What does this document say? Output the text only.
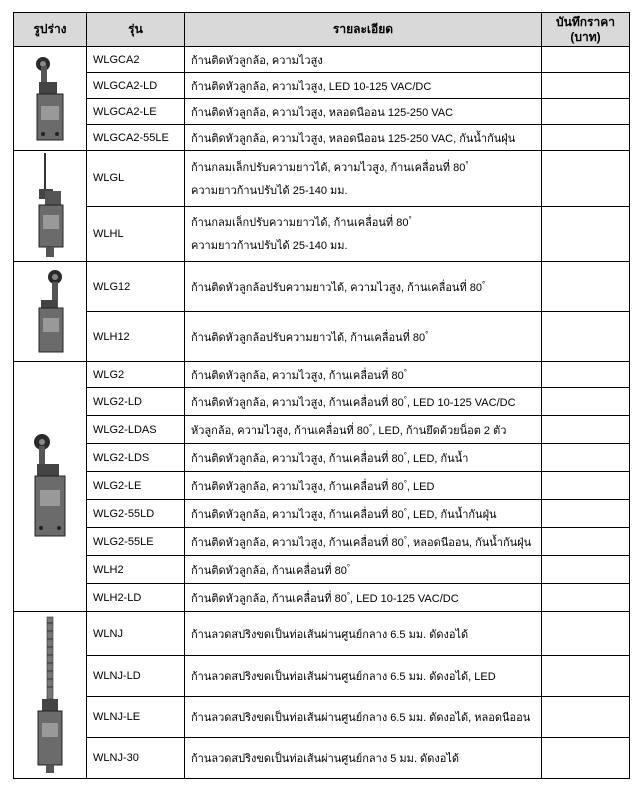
รูปร่าง	รุ่น	รายละเอียด	บันทึกราคา
(บาท)

	WLGCA2	ก้านติดหัวลูกล้อ, ความไวสูง	
	WLGCA2-LD	ก้านติดหัวลูกล้อ, ความไวสูง, LED 10-125 VAC/DC	
	WLGCA2-LE	ก้านติดหัวลูกล้อ, ความไวสูง, หลอดนีออน 125-250 VAC	
	WLGCA2-55LE	ก้านติดหัวลูกล้อ, ความไวสูง, หลอดนีออน 125-250 VAC, กันน้ำกันฝุ่น	

	WLGL	ก้านกลมเล็กปรับความยาวได้, ความไวสูง, ก้านเคลื่อนที่ 80°
ความยาวก้านปรับได้ 25-140 มม.	

	WLHL	ก้านกลมเล็กปรับความยาวได้, ก้านเคลื่อนที่ 80°
ความยาวก้านปรับได้ 25-140 มม.	

	WLG12	ก้านติดหัวลูกล้อปรับความยาวได้, ความไวสูง, ก้านเคลื่อนที่ 80°	
	WLH12	ก้านติดหัวลูกล้อปรับความยาวได้, ก้านเคลื่อนที่ 80°	

	WLG2	ก้านติดหัวลูกล้อ, ความไวสูง, ก้านเคลื่อนที่ 80°	
	WLG2-LD	ก้านติดหัวลูกล้อ, ความไวสูง, ก้านเคลื่อนที่ 80°, LED 10-125 VAC/DC	
	WLG2-LDAS	หัวลูกล้อ, ความไวสูง, ก้านเคลื่อนที่ 80°, LED, ก้านยึดด้วยน็อต 2 ตัว	
	WLG2-LDS	ก้านติดหัวลูกล้อ, ความไวสูง, ก้านเคลื่อนที่ 80°, LED, กันน้ำ	
	WLG2-LE	ก้านติดหัวลูกล้อ, ความไวสูง, ก้านเคลื่อนที่ 80°, LED	
	WLG2-55LD	ก้านติดหัวลูกล้อ, ความไวสูง, ก้านเคลื่อนที่ 80°, LED, กันน้ำกันฝุ่น	
	WLG2-55LE	ก้านติดหัวลูกล้อ, ความไวสูง, ก้านเคลื่อนที่ 80°, หลอดนีออน, กันน้ำกันฝุ่น	
	WLH2	ก้านติดหัวลูกล้อ, ก้านเคลื่อนที่ 80°	
	WLH2-LD	ก้านติดหัวลูกล้อ, ก้านเคลื่อนที่ 80°, LED 10-125 VAC/DC	

	WLNJ	ก้านลวดสปริงขดเป็นท่อเส้นผ่านศูนย์กลาง 6.5 มม. ดัดงอได้	
	WLNJ-LD	ก้านลวดสปริงขดเป็นท่อเส้นผ่านศูนย์กลาง 6.5 มม. ดัดงอได้, LED	
	WLNJ-LE	ก้านลวดสปริงขดเป็นท่อเส้นผ่านศูนย์กลาง 6.5 มม. ดัดงอได้, หลอดนีออน	
	WLNJ-30	ก้านลวดสปริงขดเป็นท่อเส้นผ่านศูนย์กลาง 5 มม. ดัดงอได้	
